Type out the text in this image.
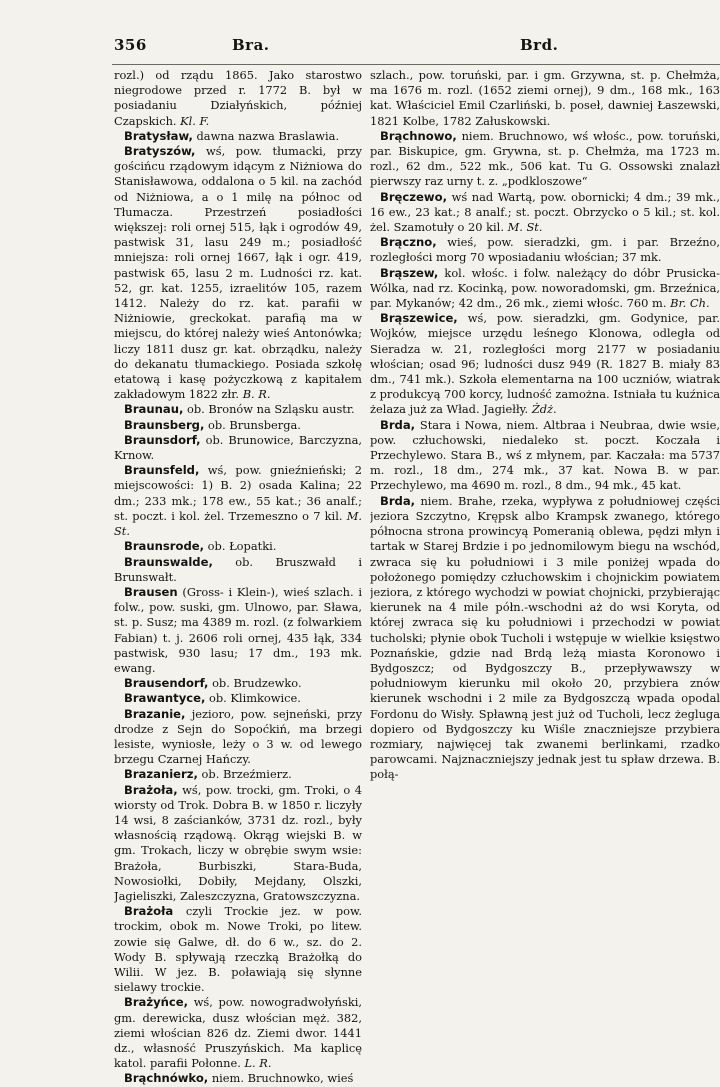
356	Bra.	Brd.

rozl.) od rządu 1865. Jako starostwo niegrodowe przed r. 1772 B. był w posiadaniu Działyńskich, później Czapskich. Kl. F.

Bratysław, dawna nazwa Braslawia.

Bratyszów, wś, pow. tłumacki, przy gościńcu rządowym idącym z Niżniowa do Stanisławowa, oddalona o 5 kil. na zachód od Niżniowa, a o 1 milę na północ od Tłumacza. Przestrzeń posiadłości większej: roli ornej 515, łąk i ogrodów 49, pastwisk 31, lasu 249 m.; posiadłość mniejsza: roli ornej 1667, łąk i ogr. 419, pastwisk 65, lasu 2 m. Ludności rz. kat. 52, gr. kat. 1255, izraelitów 105, razem 1412. Należy do rz. kat. parafii w Niżniowie, greckokat. parafią ma w miejscu, do której należy wieś Antonówka; liczy 1811 dusz gr. kat. obrządku, należy do dekanatu tłumackiego. Posiada szkołę etatową i kasę pożyczkową z kapitałem zakładowym 1822 złr. B. R.

Braunau, ob. Bronów na Szląsku austr.

Braunsberg, ob. Brunsberga.

Braunsdorf, ob. Brunowice, Barczyzna, Krnow.

Braunsfeld, wś, pow. gnieźnieński; 2 miejscowości: 1) B. 2) osada Kalina; 22 dm.; 233 mk.; 178 ew., 55 kat.; 36 analf.; st. poczt. i kol. żel. Trzemeszno o 7 kil. M. St.

Braunsrode, ob. Łopatki.

Braunswalde, ob. Bruszwałd i Brunswałt.

Brausen (Gross- i Klein-), wieś szlach. i folw., pow. suski, gm. Ulnowo, par. Sława, st. p. Susz; ma 4389 m. rozl. (z folwarkiem Fabian) t. j. 2606 roli ornej, 435 łąk, 334 pastwisk, 930 lasu; 17 dm., 193 mk. ewang.

Brausendorf, ob. Brudzewko.

Brawantyce, ob. Klimkowice.

Brazanie, jezioro, pow. sejneński, przy drodze z Sejn do Sopoćkiń, ma brzegi lesiste, wyniosłe, leży o 3 w. od lewego brzegu Czarnej Hańczy.

Brazanierz, ob. Brzeźmierz.

Brażoła, wś, pow. trocki, gm. Troki, o 4 wiorsty od Trok. Dobra B. w 1850 r. liczyły 14 wsi, 8 zaścianków, 3731 dz. rozl., były własnością rządową. Okrąg wiejski B. w gm. Trokach, liczy w obrębie swym wsie: Brażoła, Burbiszki, Stara-Buda, Nowosiołki, Dobiły, Mejdany, Olszki, Jagieliszki, Zaleszczyzna, Gratowszczyzna.

Brażoła czyli Trockie jez. w pow. trockim, obok m. Nowe Troki, po litew. zowie się Galwe, dł. do 6 w., sz. do 2. Wody B. spływają rzeczką Brażołką do Wilii. W jez. B. poławiają się słynne sielawy trockie.

Brażyńce, wś, pow. nowogradwołyński, gm. derewicka, dusz włościan męż. 382, ziemi włościan 826 dz. Ziemi dwor. 1441 dz., własność Pruszyńskich. Ma kaplicę katol. parafii Połonne. L. R.

Brąchnówko, niem. Bruchnowko, wieś

szlach., pow. toruński, par. i gm. Grzywna, st. p. Chełmża, ma 1676 m. rozl. (1652 ziemi ornej), 9 dm., 168 mk., 163 kat. Właściciel Emil Czarliński, b. poseł, dawniej Łaszewski, 1821 Kolbe, 1782 Załuskowski.

Brąchnowo, niem. Bruchnowo, wś włośc., pow. toruński, par. Biskupice, gm. Grywna, st. p. Chełmża, ma 1723 m. rozl., 62 dm., 522 mk., 506 kat. Tu G. Ossowski znalazł pierwszy raz urny t. z. „podkloszowe“

Bręczewo, wś nad Wartą, pow. obornicki; 4 dm.; 39 mk., 16 ew., 23 kat.; 8 analf.; st. poczt. Obrzycko o 5 kil.; st. kol. żel. Szamotuły o 20 kil. M. St.

Brączno, wieś, pow. sieradzki, gm. i par. Brzeźno, rozległości morg 70 wposiadaniu włościan; 37 mk.

Brąszew, kol. włośc. i folw. należący do dóbr Prusicka-Wólka, nad rz. Kocinką, pow. noworadomski, gm. Brzeźnica, par. Mykanów; 42 dm., 26 mk., ziemi włośc. 760 m. Br. Ch.

Brąszewice, wś, pow. sieradzki, gm. Godynice, par. Wojków, miejsce urzędu leśnego Klonowa, odległa od Sieradza w. 21, rozległości morg 2177 w posiadaniu włościan; osad 96; ludności dusz 949 (R. 1827 B. miały 83 dm., 741 mk.). Szkoła elementarna na 100 uczniów, wiatrak z produkcyą 700 korcy, ludność zamożna. Istniała tu kuźnica żelaza już za Wład. Jagiełły. Żdż.

Brda, Stara i Nowa, niem. Altbraa i Neubraa, dwie wsie, pow. człuchowski, niedaleko st. poczt. Koczała i Przechylewo. Stara B., wś z młynem, par. Kaczała: ma 5737 m. rozl., 18 dm., 274 mk., 37 kat. Nowa B. w par. Przechylewo, ma 4690 m. rozl., 8 dm., 94 mk., 45 kat.

Brda, niem. Brahe, rzeka, wypływa z południowej części jeziora Szczytno, Krępsk albo Krampsk zwanego, którego północna strona prowincyą Pomeranią oblewa, pędzi młyn i tartak w Starej Brdzie i po jednomilowym biegu na wschód, zwraca się ku południowi i 3 mile poniżej wpada do położonego pomiędzy człuchowskim i chojnickim powiatem jeziora, z którego wychodzi w powiat chojnicki, przybierając kierunek na 4 mile półn.-wschodni aż do wsi Koryta, od której zwraca się ku południowi i przechodzi w powiat tucholski; płynie obok Tucholi i wstępuje w wielkie księstwo Poznańskie, gdzie nad Brdą leżą miasta Koronowo i Bydgoszcz; od Bydgoszczy B., przepływawszy w południowym kierunku mil około 20, przybiera znów kierunek wschodni i 2 mile za Bydgoszczą wpada opodal Fordonu do Wisły. Spławną jest już od Tucholi, lecz żegluga dopiero od Bydgoszczy ku Wiśle znaczniejsze przybiera rozmiary, najwięcej tak zwanemi berlinkami, rzadko parowcami. Najznaczniejszy jednak jest tu spław drzewa. B. połą-
